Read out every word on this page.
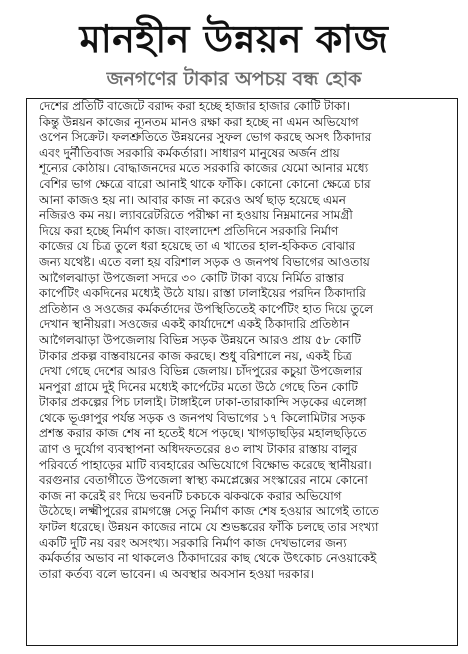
মানহীন উন্নয়ন কাজ
জনগণের টাকার অপচয় বন্ধ হোক
দেশের প্রতিটি বাজেটে বরাদ্দ করা হচ্ছে হাজার হাজার কোটি টাকা।
কিন্তু উন্নয়ন কাজের ন্যূনতম মানও রক্ষা করা হচ্ছে না এমন অভিযোগ
ওপেন সিক্রেট। ফলশ্রুতিতে উন্নয়নের সুফল ভোগ করছে অসৎ ঠিকাদার
এবং দুর্নীতিবাজ সরকারি কর্মকর্তারা। সাধারণ মানুষের অর্জন প্রায়
শূন্যের কোঠায়। বোদ্ধাজনদের মতে সরকারি কাজের যেমো আনার মধ্যে
বেশির ভাগ ক্ষেত্রে বারো আনাই থাকে ফাঁকি। কোনো কোনো ক্ষেত্রে চার
আনা কাজও হয় না। আবার কাজ না করেও অর্থ ছাড় হয়েছে এমন
নজিরও কম নয়। ল্যাবরেটরিতে পরীক্ষা না হওয়ায় নিম্নমানের সামগ্রী
দিয়ে করা হচ্ছে নির্মাণ কাজ। বাংলাদেশ প্রতিদিনে সরকারি নির্মাণ
কাজের যে চিত্র তুলে ধরা হয়েছে তা এ খাতের হাল-হকিকত বোঝার
জন্য যথেষ্ট। এতে বলা হয় বরিশাল সড়ক ও জনপথ বিভাগের আওতায়
আগৈলঝাড়া উপজেলা সদরে ৩০ কোটি টাকা ব্যয়ে নির্মিত রাস্তার
কার্পেটিং একদিনের মধ্যেই উঠে যায়। রাস্তা ঢালাইয়ের পরদিন ঠিকাদারি
প্রতিষ্ঠান ও সওজের কর্মকর্তাদের উপস্থিতিতেই কার্পেটিং হাত দিয়ে তুলে
দেখান স্থানীয়রা। সওজের একই কার্যাদেশে একই ঠিকাদারি প্রতিষ্ঠান
আগৈলঝাড়া উপজেলায় বিভিন্ন সড়ক উন্নয়নে আরও প্রায় ৫৮ কোটি
টাকার প্রকল্প বাস্তবায়নের কাজ করছে। শুধু বরিশালে নয়, একই চিত্র
দেখা গেছে দেশের আরও বিভিন্ন জেলায়। চাঁদপুরের কচুয়া উপজেলার
মনপুরা গ্রামে দুই দিনের মধ্যেই কার্পেটের মতো উঠে গেছে তিন কোটি
টাকার প্রকল্পের পিচ ঢালাই। টাঙ্গাইলে ঢাকা-তারাকান্দি সড়কের এলেঙ্গা
থেকে ভূঞাপুর পর্যন্ত সড়ক ও জনপথ বিভাগের ১৭ কিলোমিটার সড়ক
প্রশস্ত করার কাজ শেষ না হতেই ধসে পড়ছে। খাগড়াছড়ির মহালছড়িতে
ত্রাণ ও দুর্যোগ ব্যবস্থাপনা অধিদফতরের ৪৩ লাখ টাকার রাস্তায় বালুর
পরিবর্তে পাহাড়ের মাটি ব্যবহারের অভিযোগে বিক্ষোভ করেছে স্থানীয়রা।
বরগুনার বেতাগীতে উপজেলা স্বাস্থ্য কমপ্লেক্সের সংস্কারের নামে কোনো
কাজ না করেই রং দিয়ে ভবনটি চকচকে ঝকঝকে করার অভিযোগ
উঠেছে। লক্ষ্মীপুরের রামগঞ্জে সেতু নির্মাণ কাজ শেষ হওয়ার আগেই তাতে
ফাটল ধরেছে। উন্নয়ন কাজের নামে যে শুভঙ্করের ফাঁকি চলছে তার সংখ্যা
একটি দুটি নয় বরং অসংখ্য। সরকারি নির্মাণ কাজ দেখভালের জন্য
কর্মকর্তার অভাব না থাকলেও ঠিকাদারের কাছ থেকে উৎকোচ নেওয়াকেই
তারা কর্তব্য বলে ভাবেন। এ অবস্থার অবসান হওয়া দরকার।
